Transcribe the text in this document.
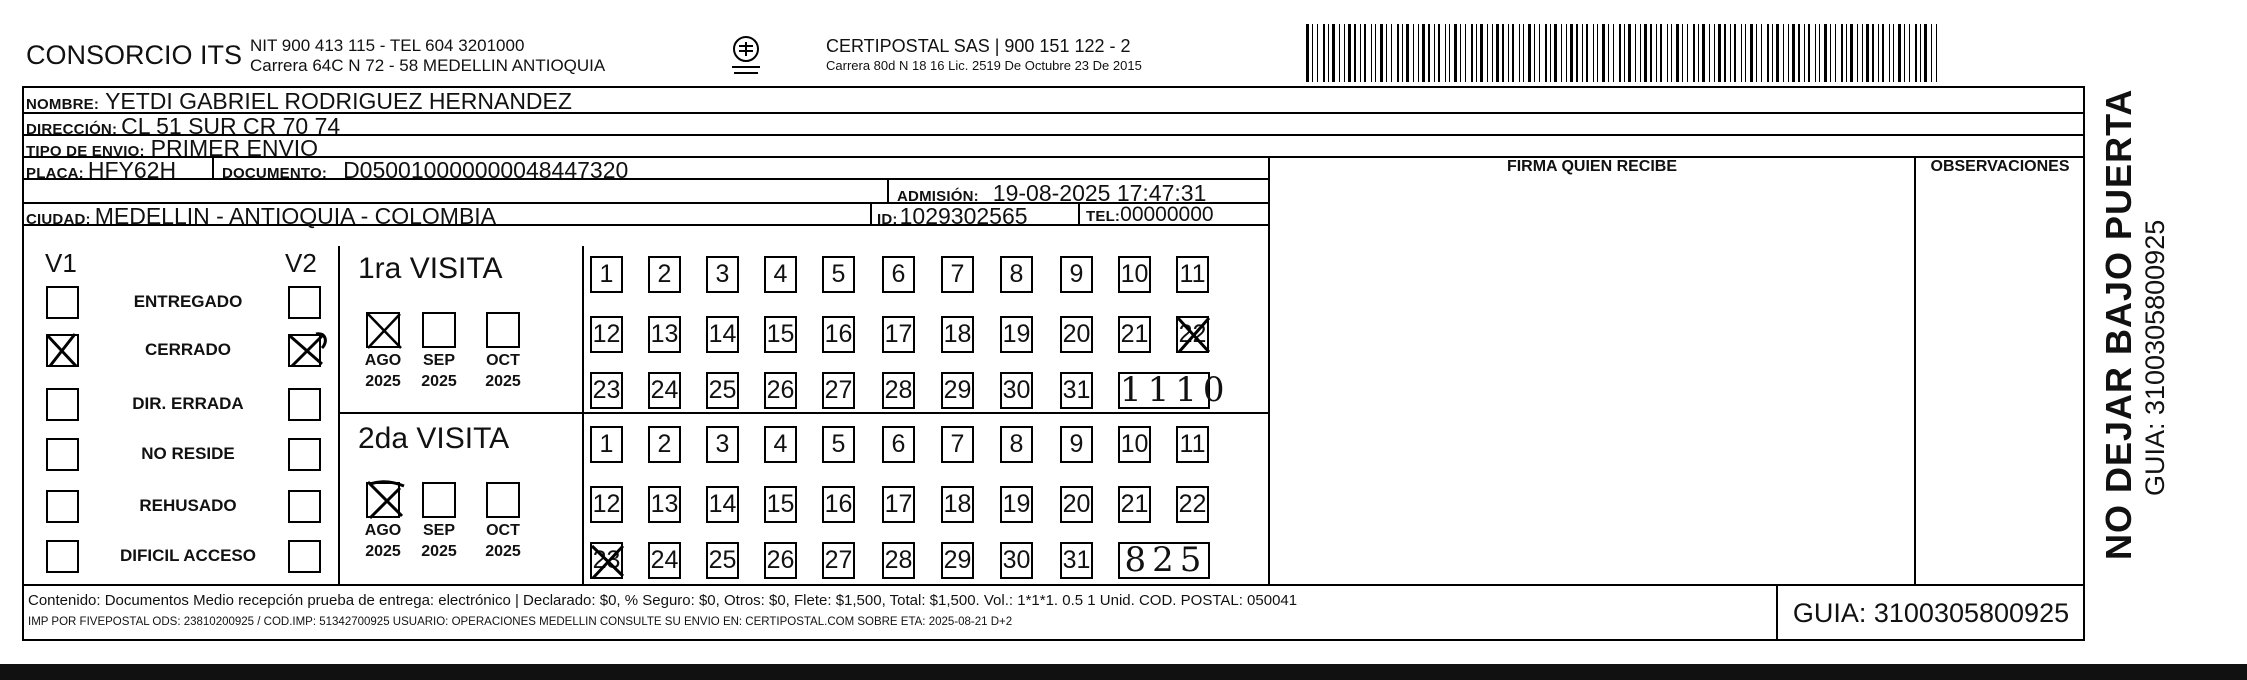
CONSORCIO ITS NIT 900 413 115 - TEL 604 3201000
Carrera 64C N 72 - 58 MEDELLIN ANTIOQUIA
CERTIPOSTAL SAS | 900 151 122 - 2
Carrera 80d N 18 16 Lic. 2519 De Octubre 23 De 2015
NOMBRE: YETDI GABRIEL RODRIGUEZ HERNANDEZ
DIRECCIÓN: CL 51 SUR CR 70 74
TIPO DE ENVIO: PRIMER ENVIO
PLACA: HFY62H	DOCUMENTO: D050010000000048447320
ADMISIÓN: 19-08-2025 17:47:31
CIUDAD: MEDELLIN - ANTIOQUIA - COLOMBIA	ID: 1029302565	TEL: 00000000
FIRMA QUIEN RECIBE	OBSERVACIONES
V1	V2
ENTREGADO
CERRADO
DIR. ERRADA
NO RESIDE
REHUSADO
DIFICIL ACCESO
1ra VISITA
AGO
2025
SEP
2025
OCT
2025
1	2	3	4	5	6	7	8	9	10 11
12 13 14 15 16 17 18 19 20 21 22
23 24 25 26 27 28 29 30 31 1110
2da VISITA
AGO
2025
SEP
2025
OCT
2025
1	2	3	4	5	6	7	8	9	10 11
12 13 14 15 16 17 18 19 20 21 22
23 24 25 26 27 28 29 30 31 825
Contenido: Documentos Medio recepción prueba de entrega: electrónico | Declarado: $0, % Seguro: $0, Otros: $0, Flete: $1,500, Total: $1,500. Vol.: 1*1*1. 0.5 1 Unid. COD. POSTAL: 050041
IMP POR FIVEPOSTAL ODS: 23810200925 / COD.IMP: 51342700925 USUARIO: OPERACIONES MEDELLIN CONSULTE SU ENVIO EN: CERTIPOSTAL.COM SOBRE ETA: 2025-08-21 D+2	GUIA: 3100305800925
NO DEJAR BAJO PUERTA GUIA: 3100305800925
